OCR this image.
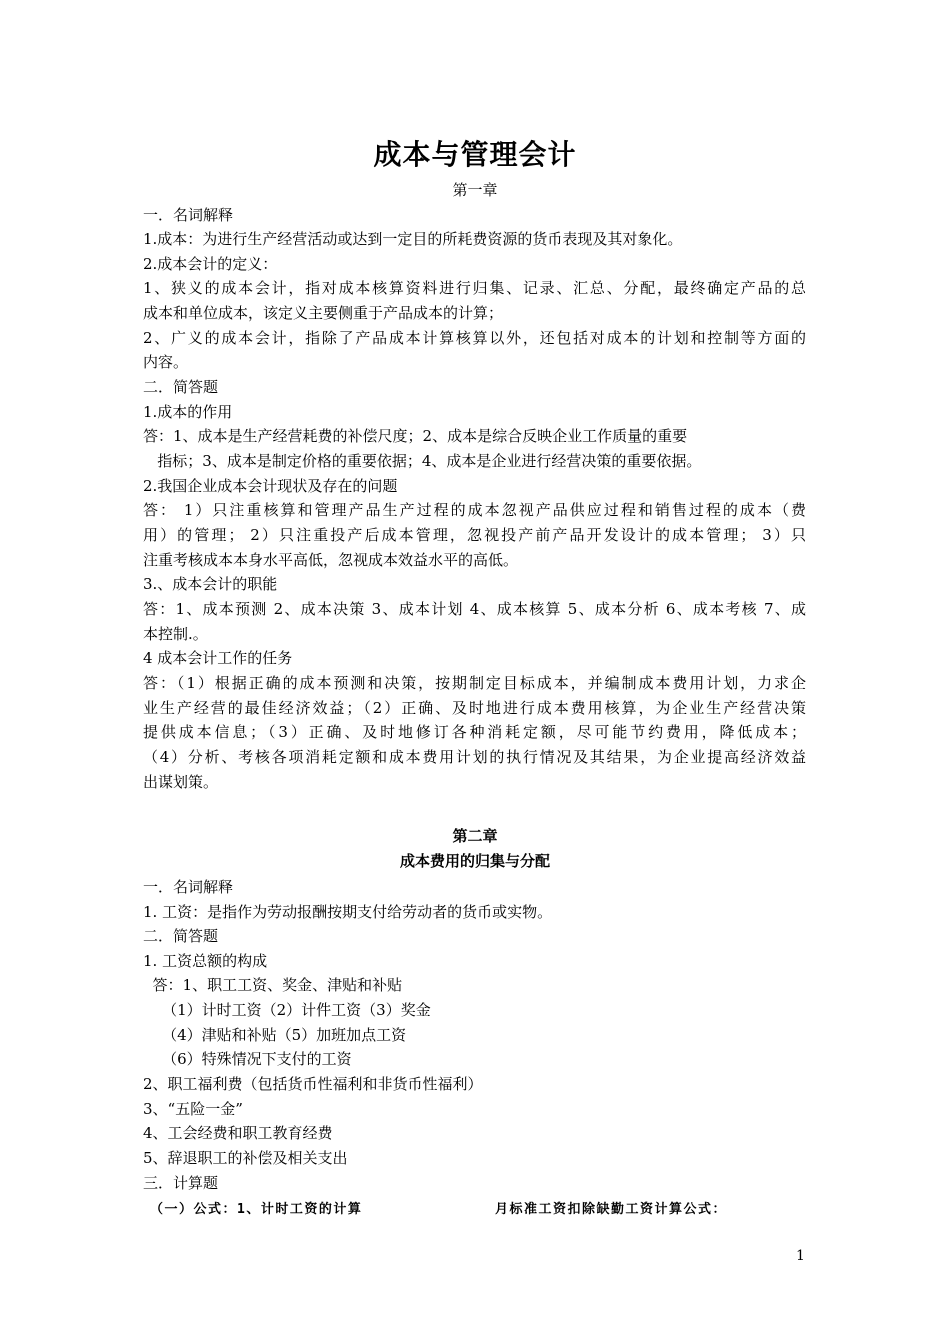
成本与管理会计
第一章
一．名词解释
1.成本：为进行生产经营活动或达到一定目的所耗费资源的货币表现及其对象化。
2.成本会计的定义：
1、狭义的成本会计，指对成本核算资料进行归集、记录、汇总、分配，最终确定产品的总
成本和单位成本，该定义主要侧重于产品成本的计算；
2、广义的成本会计，指除了产品成本计算核算以外，还包括对成本的计划和控制等方面的
内容。
二．简答题
1.成本的作用
答：1、成本是生产经营耗费的补偿尺度；2、成本是综合反映企业工作质量的重要
指标；3、成本是制定价格的重要依据；4、成本是企业进行经营决策的重要依据。
2.我国企业成本会计现状及存在的问题
答： 1）只注重核算和管理产品生产过程的成本忽视产品供应过程和销售过程的成本（费
用）的管理； 2）只注重投产后成本管理，忽视投产前产品开发设计的成本管理； 3）只
注重考核成本本身水平高低，忽视成本效益水平的高低。
3.、成本会计的职能
答：1、成本预测 2、成本决策 3、成本计划 4、成本核算 5、成本分析 6、成本考核 7、成
本控制.。
4 成本会计工作的任务
答：（1）根据正确的成本预测和决策，按期制定目标成本，并编制成本费用计划，力求企
业生产经营的最佳经济效益；（2）正确、及时地进行成本费用核算，为企业生产经营决策
提供成本信息；（3）正确、及时地修订各种消耗定额，尽可能节约费用，降低成本；
（4）分析、考核各项消耗定额和成本费用计划的执行情况及其结果，为企业提高经济效益
出谋划策。
第二章
成本费用的归集与分配
一．名词解释
1. 工资：是指作为劳动报酬按期支付给劳动者的货币或实物。
二．简答题
1. 工资总额的构成
答：1、职工工资、奖金、津贴和补贴
（1）计时工资（2）计件工资（3）奖金
（4）津贴和补贴（5）加班加点工资
（6）特殊情况下支付的工资
2、职工福利费（包括货币性福利和非货币性福利）
3、“五险一金”
4、工会经费和职工教育经费
5、辞退职工的补偿及相关支出
三．计算题
（一）公式：1、计时工资的计算	月标准工资扣除缺勤工资计算公式：
1
